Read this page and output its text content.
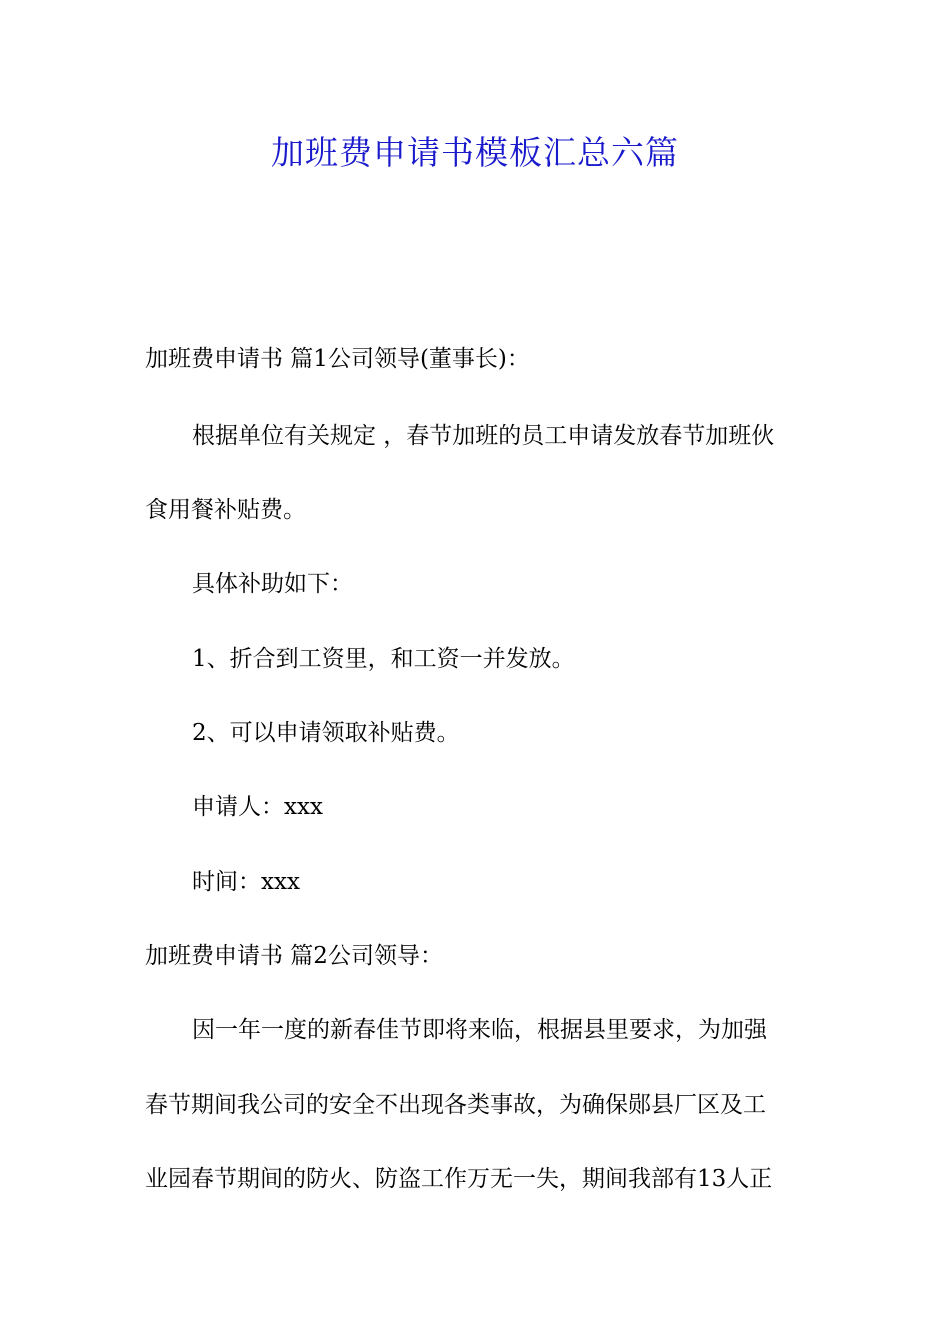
加班费申请书模板汇总六篇
加班费申请书 篇1公司领导(董事长)：
根据单位有关规定 ，春节加班的员工申请发放春节加班伙
食用餐补贴费。
具体补助如下：
1、折合到工资里，和工资一并发放。
2、可以申请领取补贴费。
申请人：xxx
时间：xxx
加班费申请书 篇2公司领导：
因一年一度的新春佳节即将来临，根据县里要求，为加强
春节期间我公司的安全不出现各类事故，为确保郧县厂区及工
业园春节期间的防火、防盗工作万无一失，期间我部有13人正
